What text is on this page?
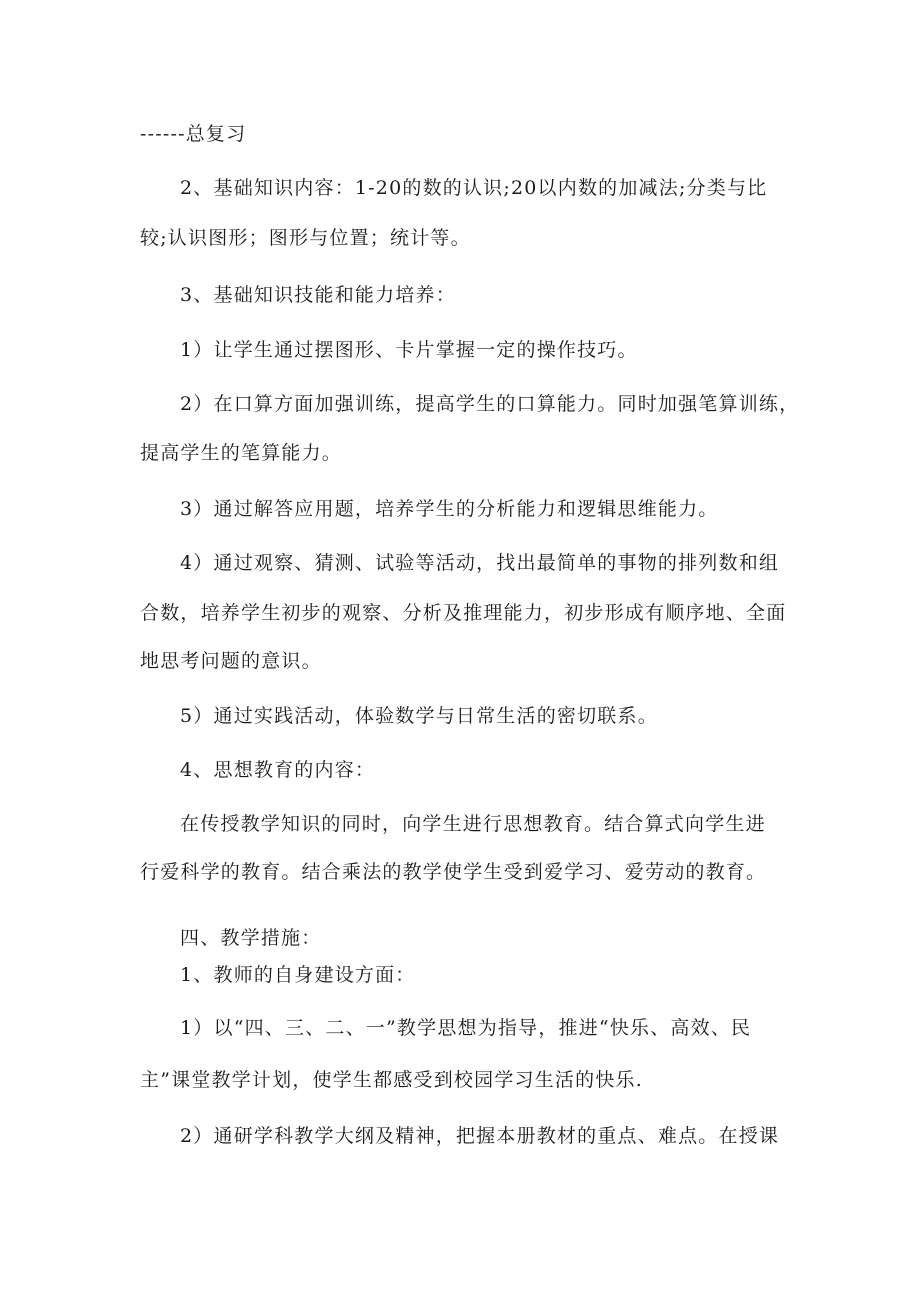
------总复习
2、基础知识内容：1-20的数的认识;20以内数的加减法;分类与比
较;认识图形；图形与位置；统计等。
3、基础知识技能和能力培养：
1）让学生通过摆图形、卡片掌握一定的操作技巧。
2）在口算方面加强训练，提高学生的口算能力。同时加强笔算训练，
提高学生的笔算能力。
3）通过解答应用题，培养学生的分析能力和逻辑思维能力。
4）通过观察、猜测、试验等活动，找出最简单的事物的排列数和组
合数，培养学生初步的观察、分析及推理能力，初步形成有顺序地、全面
地思考问题的意识。
5）通过实践活动，体验数学与日常生活的密切联系。
4、思想教育的内容：
在传授教学知识的同时，向学生进行思想教育。结合算式向学生进
行爱科学的教育。结合乘法的教学使学生受到爱学习、爱劳动的教育。
四、教学措施：
1、教师的自身建设方面：
1）以“四、三、二、一”教学思想为指导，推进“快乐、高效、民
主”课堂教学计划，使学生都感受到校园学习生活的快乐.
2）通研学科教学大纲及精神，把握本册教材的重点、难点。在授课
